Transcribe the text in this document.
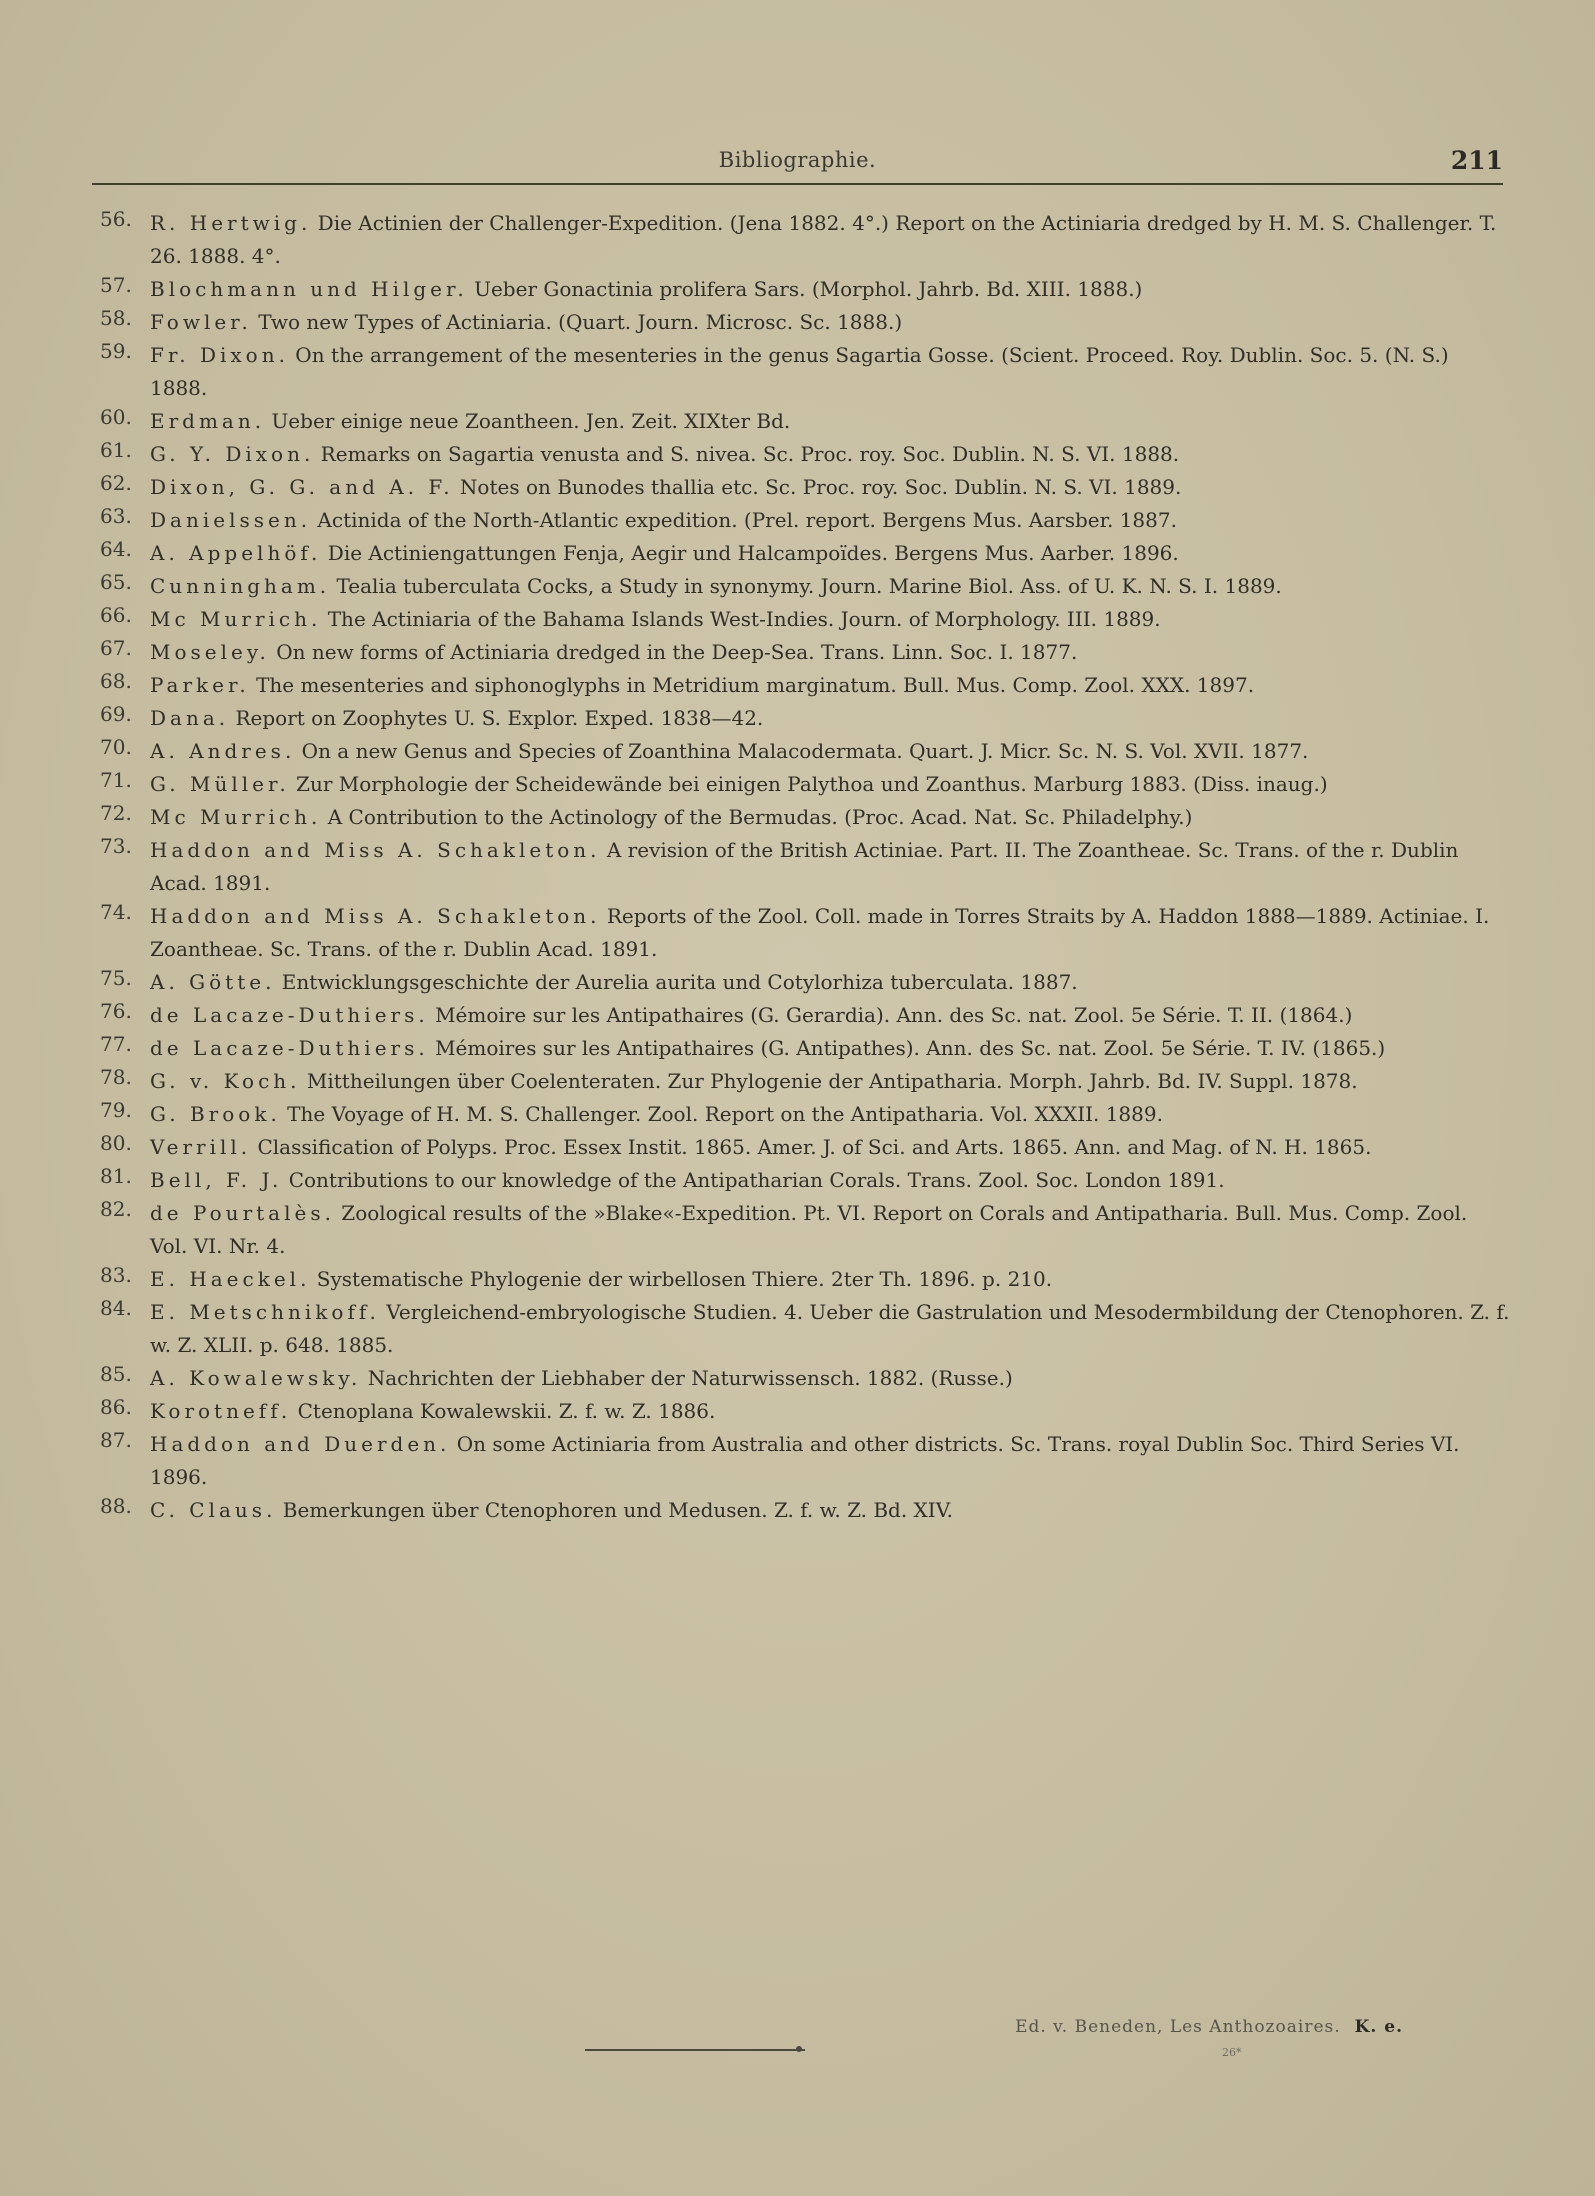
Bibliographie.	211
56. R. Hertwig. Die Actinien der Challenger-Expedition. (Jena 1882. 4°.) Report on the Actiniaria dredged by H. M. S. Challenger. T. 26. 1888. 4°.
57. Blochmann und Hilger. Ueber Gonactinia prolifera Sars. (Morphol. Jahrb. Bd. XIII. 1888.)
58. Fowler. Two new Types of Actiniaria. (Quart. Journ. Microsc. Sc. 1888.)
59. Fr. Dixon. On the arrangement of the mesenteries in the genus Sagartia Gosse. (Scient. Proceed. Roy. Dublin. Soc. 5. (N. S.) 1888.
60. Erdman. Ueber einige neue Zoantheen. Jen. Zeit. XIXter Bd.
61. G. Y. Dixon. Remarks on Sagartia venusta and S. nivea. Sc. Proc. roy. Soc. Dublin. N. S. VI. 1888.
62. Dixon, G. G. and A. F. Notes on Bunodes thallia etc. Sc. Proc. roy. Soc. Dublin. N. S. VI. 1889.
63. Danielssen. Actinida of the North-Atlantic expedition. (Prel. report. Bergens Mus. Aarsber. 1887.
64. A. Appelhöf. Die Actiniengattungen Fenja, Aegir und Halcampoïdes. Bergens Mus. Aarber. 1896.
65. Cunningham. Tealia tuberculata Cocks, a Study in synonymy. Journ. Marine Biol. Ass. of U. K. N. S. I. 1889.
66. Mc Murrich. The Actiniaria of the Bahama Islands West-Indies. Journ. of Morphology. III. 1889.
67. Moseley. On new forms of Actiniaria dredged in the Deep-Sea. Trans. Linn. Soc. I. 1877.
68. Parker. The mesenteries and siphonoglyphs in Metridium marginatum. Bull. Mus. Comp. Zool. XXX. 1897.
69. Dana. Report on Zoophytes U. S. Explor. Exped. 1838—42.
70. A. Andres. On a new Genus and Species of Zoanthina Malacodermata. Quart. J. Micr. Sc. N. S. Vol. XVII. 1877.
71. G. Müller. Zur Morphologie der Scheidewände bei einigen Palythoa und Zoanthus. Marburg 1883. (Diss. inaug.)
72. Mc Murrich. A Contribution to the Actinology of the Bermudas. (Proc. Acad. Nat. Sc. Philadelphy.)
73. Haddon and Miss A. Schakleton. A revision of the British Actiniae. Part. II. The Zoantheae. Sc. Trans. of the r. Dublin Acad. 1891.
74. Haddon and Miss A. Schakleton. Reports of the Zool. Coll. made in Torres Straits by A. Haddon 1888—1889. Actiniae. I. Zoantheae. Sc. Trans. of the r. Dublin Acad. 1891.
75. A. Götte. Entwicklungsgeschichte der Aurelia aurita und Cotylorhiza tuberculata. 1887.
76. de Lacaze-Duthiers. Mémoire sur les Antipathaires (G. Gerardia). Ann. des Sc. nat. Zool. 5e Série. T. II. (1864.)
77. de Lacaze-Duthiers. Mémoires sur les Antipathaires (G. Antipathes). Ann. des Sc. nat. Zool. 5e Série. T. IV. (1865.)
78. G. v. Koch. Mittheilungen über Coelenteraten. Zur Phylogenie der Antipatharia. Morph. Jahrb. Bd. IV. Suppl. 1878.
79. G. Brook. The Voyage of H. M. S. Challenger. Zool. Report on the Antipatharia. Vol. XXXII. 1889.
80. Verrill. Classification of Polyps. Proc. Essex Instit. 1865. Amer. J. of Sci. and Arts. 1865. Ann. and Mag. of N. H. 1865.
81. Bell, F. J. Contributions to our knowledge of the Antipatharian Corals. Trans. Zool. Soc. London 1891.
82. de Pourtalès. Zoological results of the »Blake«-Expedition. Pt. VI. Report on Corals and Antipatharia. Bull. Mus. Comp. Zool. Vol. VI. Nr. 4.
83. E. Haeckel. Systematische Phylogenie der wirbellosen Thiere. 2ter Th. 1896. p. 210.
84. E. Metschnikoff. Vergleichend-embryologische Studien. 4. Ueber die Gastrulation und Mesodermbildung der Ctenophoren. Z. f. w. Z. XLII. p. 648. 1885.
85. A. Kowalewsky. Nachrichten der Liebhaber der Naturwissensch. 1882. (Russe.)
86. Korotneff. Ctenoplana Kowalewskii. Z. f. w. Z. 1886.
87. Haddon and Duerden. On some Actiniaria from Australia and other districts. Sc. Trans. royal Dublin Soc. Third Series VI. 1896.
88. C. Claus. Bemerkungen über Ctenophoren und Medusen. Z. f. w. Z. Bd. XIV.
Ed. v. Beneden, Les Anthozoaires. K. e.
26*
